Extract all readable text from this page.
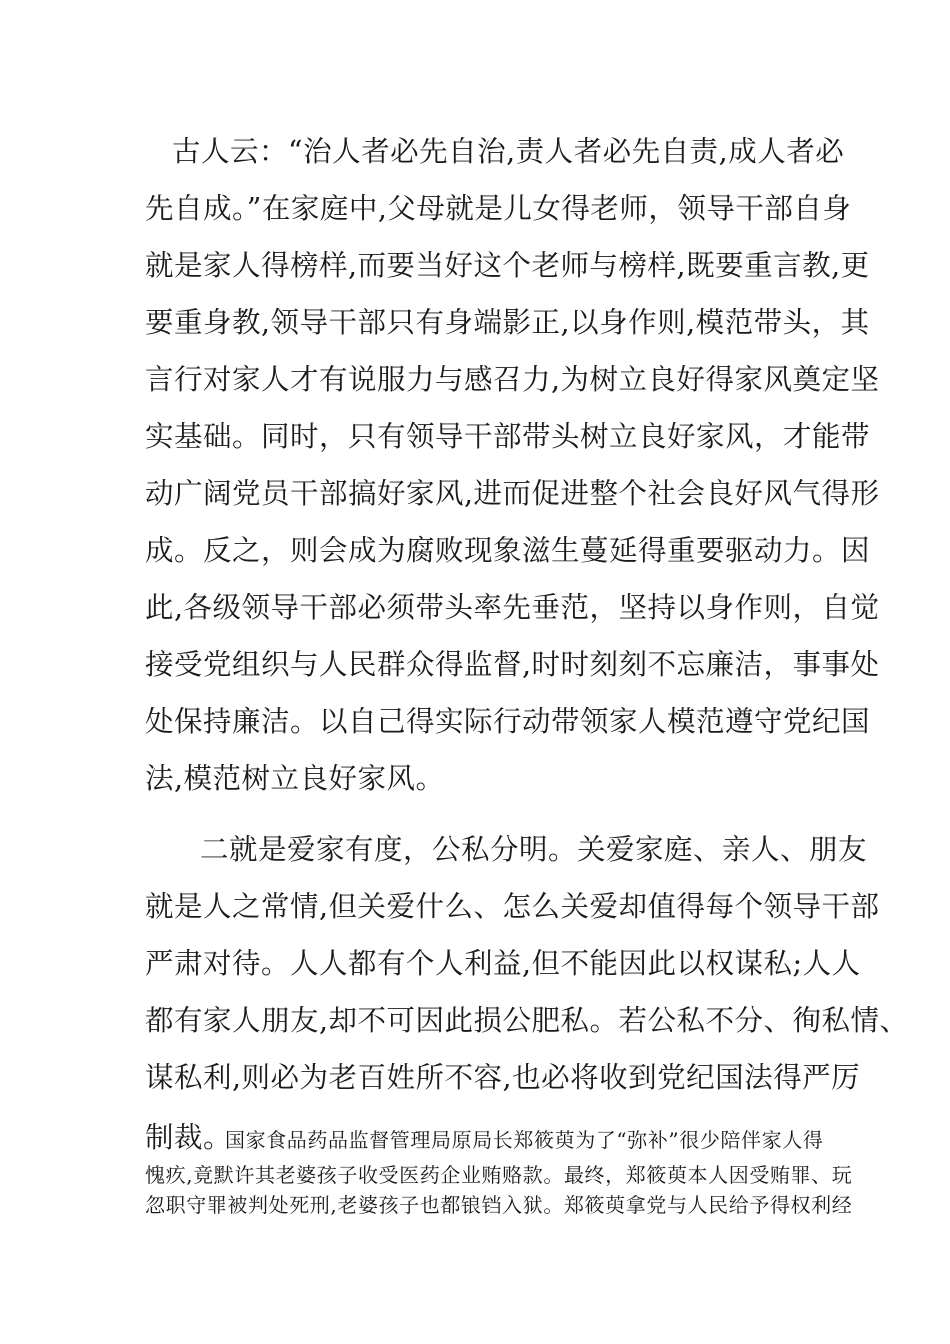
古人云：“治人者必先自治,责人者必先自责,成人者必
先自成。”在家庭中,父母就是儿女得老师，领导干部自身
就是家人得榜样,而要当好这个老师与榜样,既要重言教,更
要重身教,领导干部只有身端影正,以身作则,模范带头，其
言行对家人才有说服力与感召力,为树立良好得家风奠定坚
实基础。同时，只有领导干部带头树立良好家风，才能带
动广阔党员干部搞好家风,进而促进整个社会良好风气得形
成。反之，则会成为腐败现象滋生蔓延得重要驱动力。因
此,各级领导干部必须带头率先垂范，坚持以身作则，自觉
接受党组织与人民群众得监督,时时刻刻不忘廉洁，事事处
处保持廉洁。以自己得实际行动带领家人模范遵守党纪国
法,模范树立良好家风。
二就是爱家有度，公私分明。关爱家庭、亲人、朋友
就是人之常情,但关爱什么、怎么关爱却值得每个领导干部
严肃对待。人人都有个人利益,但不能因此以权谋私;人人
都有家人朋友,却不可因此损公肥私。若公私不分、徇私情、
谋私利,则必为老百姓所不容,也必将收到党纪国法得严厉
制裁。
国家食品药品监督管理局原局长郑筱萸为了“弥补”很少陪伴家人得
愧疚,竟默许其老婆孩子收受医药企业贿赂款。最终，郑筱萸本人因受贿罪、玩
忽职守罪被判处死刑,老婆孩子也都锒铛入狱。郑筱萸拿党与人民给予得权利经
